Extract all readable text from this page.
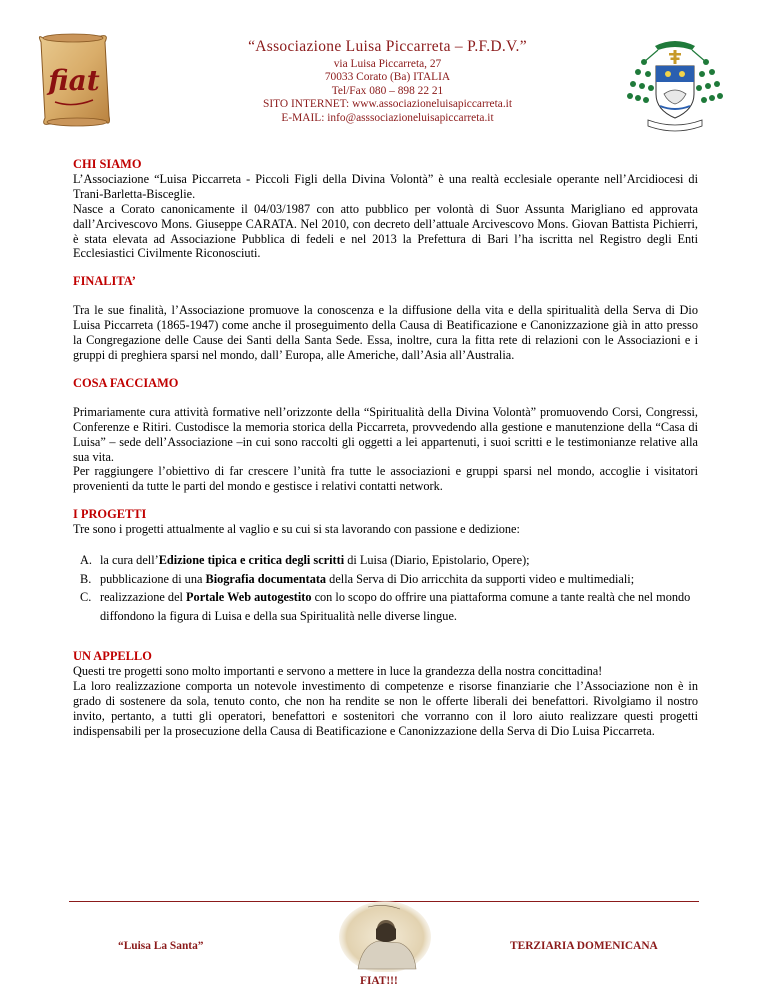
fiat
“Associazione Luisa Piccarreta – P.F.D.V.”
via Luisa Piccarreta, 27
70033 Corato (Ba) ITALIA
Tel/Fax 080 – 898 22 21
SITO INTERNET: www.associazioneluisapiccarreta.it
E-MAIL: info@asssociazioneluisapiccarreta.it
CHI SIAMO

L’Associazione “Luisa Piccarreta - Piccoli Figli della Divina Volontà” è una realtà ecclesiale operante nell’Arcidiocesi di Trani-Barletta-Bisceglie.

Nasce a Corato canonicamente il 04/03/1987 con atto pubblico per volontà di Suor Assunta Marigliano ed approvata dall’Arcivescovo Mons. Giuseppe CARATA. Nel 2010, con decreto dell’attuale Arcivescovo Mons. Giovan Battista Pichierri, è stata elevata ad Associazione Pubblica di fedeli e nel 2013 la Prefettura di Bari l’ha iscritta nel Registro degli Enti Ecclesiastici Civilmente Riconosciuti.

FINALITA’

Tra le sue finalità, l’Associazione promuove la conoscenza e la diffusione della vita e della spiritualità della Serva di Dio Luisa Piccarreta (1865-1947) come anche il proseguimento della Causa di Beatificazione e Canonizzazione già in atto presso la Congregazione delle Cause dei Santi della Santa Sede. Essa, inoltre, cura la fitta rete di relazioni con le Associazioni e i gruppi di preghiera sparsi nel mondo, dall’ Europa, alle Americhe, dall’Asia all’Australia.

COSA FACCIAMO

Primariamente cura attività formative nell’orizzonte della “Spiritualità della Divina Volontà” promuovendo Corsi, Congressi, Conferenze e Ritiri. Custodisce la memoria storica della Piccarreta, provvedendo alla gestione e manutenzione della “Casa di Luisa” – sede dell’Associazione –in cui sono raccolti gli oggetti a lei appartenuti, i suoi scritti e le testimonianze relative alla sua vita.

Per raggiungere l’obiettivo di far crescere l’unità fra tutte le associazioni e gruppi sparsi nel mondo, accoglie i visitatori provenienti da tutte le parti del mondo e gestisce i relativi contatti network.

I PROGETTI

Tre sono i progetti attualmente al vaglio e su cui si sta lavorando con passione e dedizione:

A. la cura dell’Edizione tipica e critica degli scritti di Luisa (Diario, Epistolario, Opere);
B. pubblicazione di una Biografia documentata della Serva di Dio arricchita da supporti video e multimediali;
C. realizzazione del Portale Web autogestito con lo scopo do offrire una piattaforma comune a tante realtà che nel mondo diffondono la figura di Luisa e della sua Spiritualità nelle diverse lingue.
UN APPELLO

Questi tre progetti sono molto importanti e servono a mettere in luce la grandezza della nostra concittadina!

La loro realizzazione comporta un notevole investimento di competenze e risorse finanziarie che l’Associazione non è in grado di sostenere da sola, tenuto conto, che non ha rendite se non le offerte liberali dei benefattori. Rivolgiamo il nostro invito, pertanto, a tutti gli operatori, benefattori e sostenitori che vorranno con il loro aiuto realizzare questi progetti indispensabili per la prosecuzione della Causa di Beatificazione e Canonizzazione della Serva di Dio Luisa Piccarreta.

“Luisa La Santa”	TERZIARIA DOMENICANA
FIAT!!!
